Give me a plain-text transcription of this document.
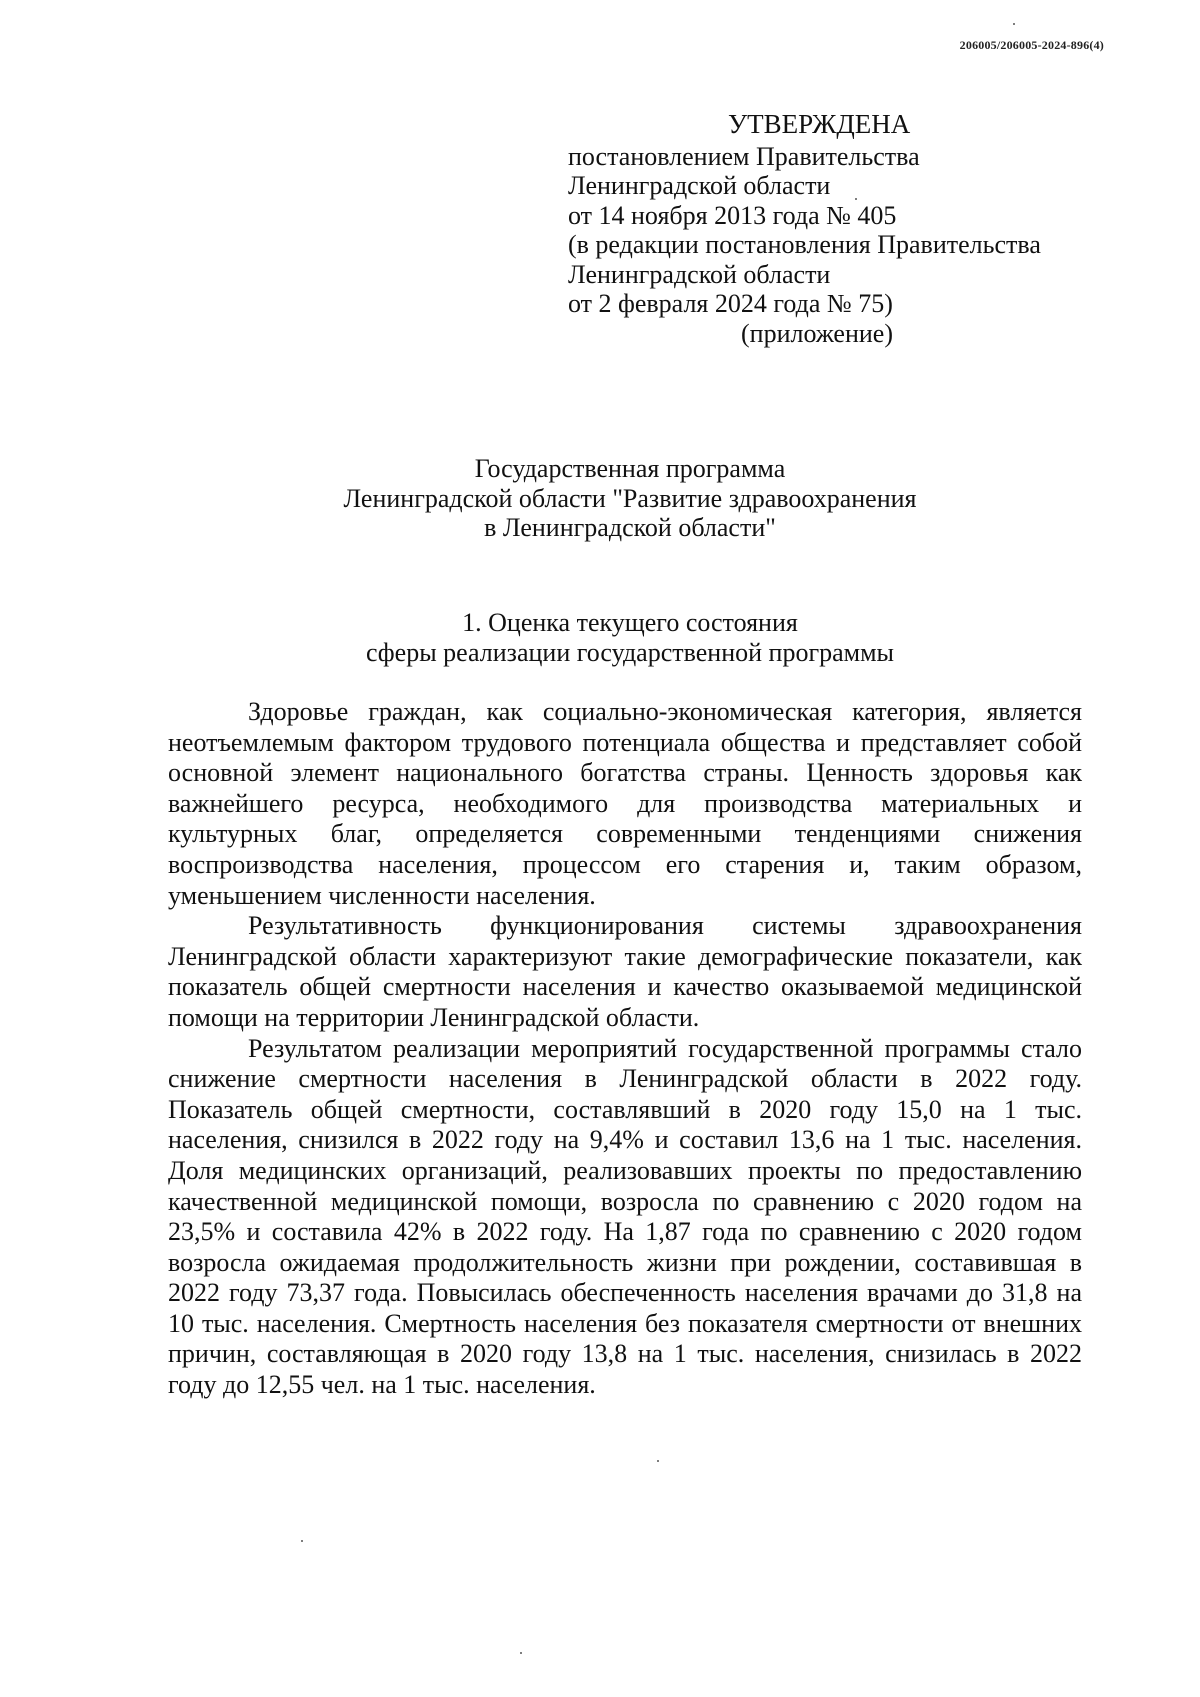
206005/206005-2024-896(4)
УТВЕРЖДЕНА
постановлением Правительства
Ленинградской области
от 14 ноября 2013 года № 405
(в редакции постановления Правительства
Ленинградской области
от 2 февраля 2024 года № 75)
(приложение)
Государственная программа
Ленинградской области "Развитие здравоохранения
в Ленинградской области"
1. Оценка текущего состояния
сферы реализации государственной программы

Здоровье граждан, как социально-экономическая категория, является неотъемлемым фактором трудового потенциала общества и представляет собой основной элемент национального богатства страны. Ценность здоровья как важнейшего ресурса, необходимого для производства материальных и культурных благ, определяется современными тенденциями снижения воспроизводства населения, процессом его старения и, таким образом, уменьшением численности населения.

Результативность функционирования системы здравоохранения Ленинградской области характеризуют такие демографические показатели, как показатель общей смертности населения и качество оказываемой медицинской помощи на территории Ленинградской области.

Результатом реализации мероприятий государственной программы стало снижение смертности населения в Ленинградской области в 2022 году. Показатель общей смертности, составлявший в 2020 году 15,0 на 1 тыс. населения, снизился в 2022 году на 9,4% и составил 13,6 на 1 тыс. населения. Доля медицинских организаций, реализовавших проекты по предоставлению качественной медицинской помощи, возросла по сравнению с 2020 годом на 23,5% и составила 42% в 2022 году. На 1,87 года по сравнению с 2020 годом возросла ожидаемая продолжительность жизни при рождении, составившая в 2022 году 73,37 года. Повысилась обеспеченность населения врачами до 31,8 на 10 тыс. населения. Смертность населения без показателя смертности от внешних причин, составляющая в 2020 году 13,8 на 1 тыс. населения, снизилась в 2022 году до 12,55 чел. на 1 тыс. населения.
